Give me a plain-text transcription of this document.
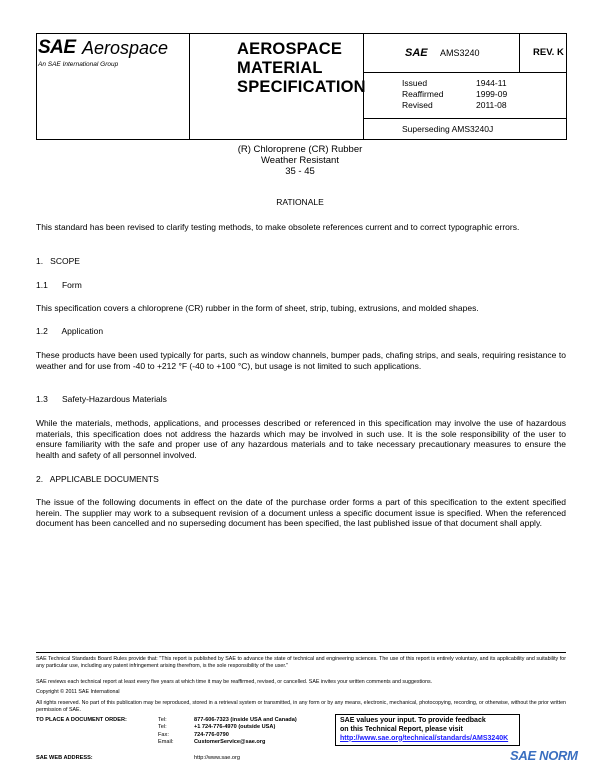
SAE Aerospace
An SAE International Group
AEROSPACE
MATERIAL
SPECIFICATION
SAE AMS3240	REV. K
Issued	1944-11
Reaffirmed	1999-09
Revised	2011-08
Superseding AMS3240J
(R) Chloroprene (CR) Rubber
Weather Resistant
35 - 45
RATIONALE
This standard has been revised to clarify testing methods, to make obsolete references current and to correct typographic errors.
1.   SCOPE
1.1      Form
This specification covers a chloroprene (CR) rubber in the form of sheet, strip, tubing, extrusions, and molded shapes.
1.2      Application
These products have been used typically for parts, such as window channels, bumper pads, chafing strips, and seals, requiring resistance to weather and for use from -40 to +212 °F (-40 to +100 °C), but usage is not limited to such applications.
1.3      Safety-Hazardous Materials
While the materials, methods, applications, and processes described or referenced in this specification may involve the use of hazardous materials, this specification does not address the hazards which may be involved in such use. It is the sole responsibility of the user to ensure familiarity with the safe and proper use of any hazardous materials and to take necessary precautionary measures to ensure the health and safety of all personnel involved.
2.   APPLICABLE DOCUMENTS
The issue of the following documents in effect on the date of the purchase order forms a part of this specification to the extent specified herein. The supplier may work to a subsequent revision of a document unless a specific document issue is specified. When the referenced document has been cancelled and no superseding document has been specified, the last published issue of that document shall apply.
SAE Technical Standards Board Rules provide that: "This report is published by SAE to advance the state of technical and engineering sciences. The use of this report is entirely voluntary, and its applicability and suitability for any particular use, including any patent infringement arising therefrom, is the sole responsibility of the user."
SAE reviews each technical report at least every five years at which time it may be reaffirmed, revised, or cancelled. SAE invites your written comments and suggestions.
Copyright © 2011 SAE International
All rights reserved. No part of this publication may be reproduced, stored in a retrieval system or transmitted, in any form or by any means, electronic, mechanical, photocopying, recording, or otherwise, without the prior written permission of SAE.
TO PLACE A DOCUMENT ORDER:	Tel:	877-606-7323 (inside USA and Canada)
Tel:	+1 724-776-4970 (outside USA)
Fax:	724-776-0790
Email:	CustomerService@sae.org
SAE WEB ADDRESS:	http://www.sae.org
SAE values your input. To provide feedback
on this Technical Report, please visit
http://www.sae.org/technical/standards/AMS3240K
SAE NORM
